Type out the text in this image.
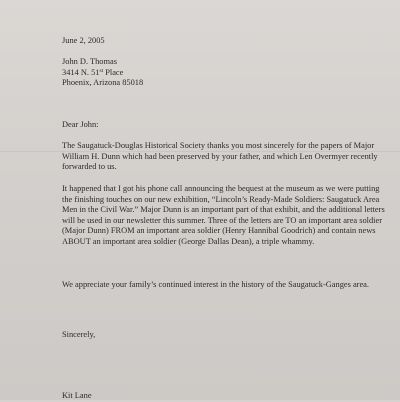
June 2, 2005
John D. Thomas
3414 N. 51st Place
Phoenix, Arizona 85018
Dear John:

The Saugatuck-Douglas Historical Society thanks you most sincerely for the papers of Major William H. Dunn which had been preserved by your father, and which Len Overmyer recently forwarded to us.

It happened that I got his phone call announcing the bequest at the museum as we were putting the finishing touches on our new exhibition, “Lincoln’s Ready-Made Soldiers: Saugatuck Area Men in the Civil War.” Major Dunn is an important part of that exhibit, and the additional letters will be used in our newsletter this summer. Three of the letters are TO an important area soldier (Major Dunn) FROM an important area soldier (Henry Hannibal Goodrich) and contain news ABOUT an important area soldier (George Dallas Dean), a triple whammy.

We appreciate your family’s continued interest in the history of the Saugatuck-Ganges area.

Sincerely,
Kit Lane
